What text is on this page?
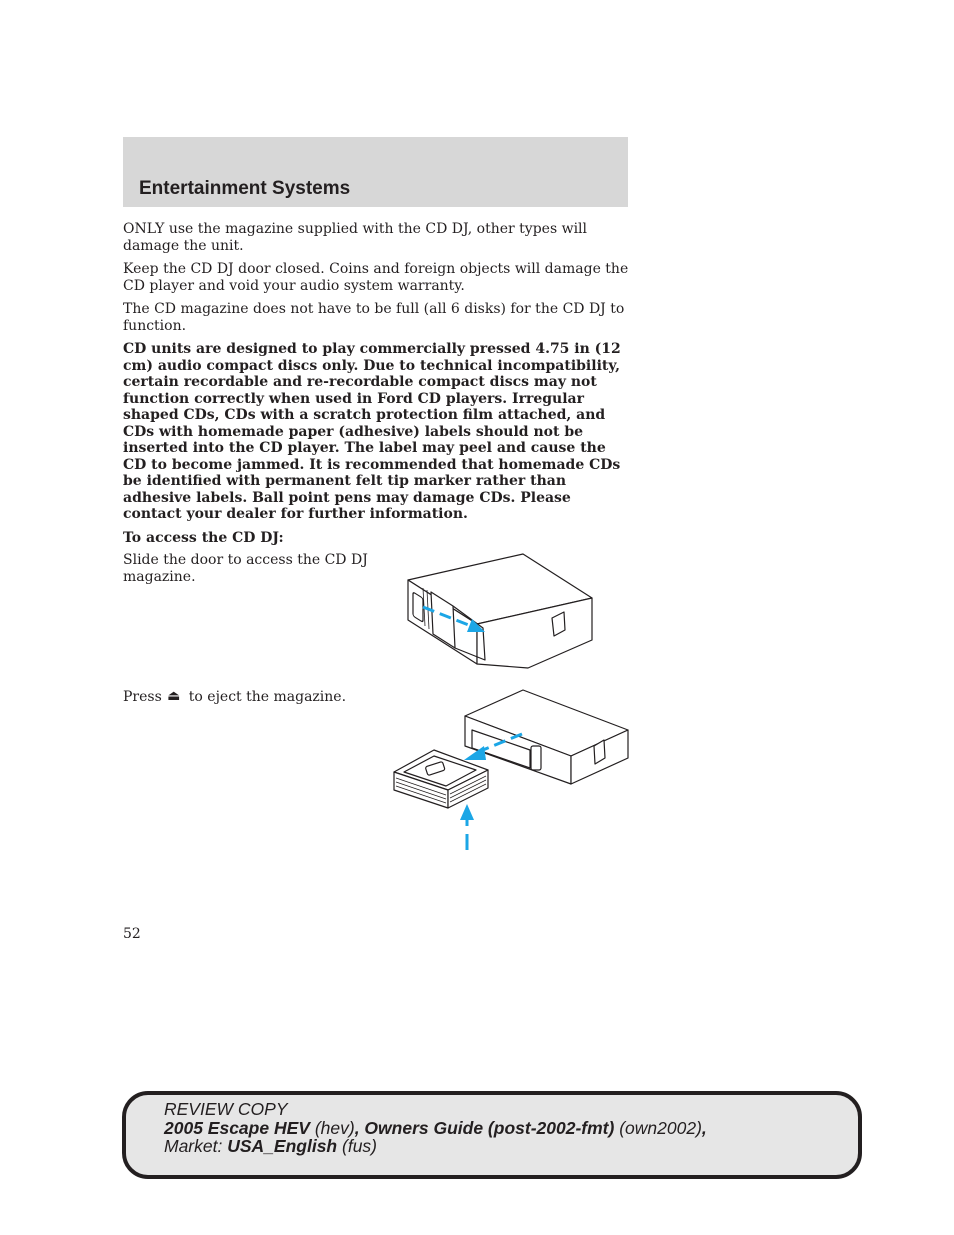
Entertainment Systems

ONLY use the magazine supplied with the CD DJ, other types will damage the unit.

Keep the CD DJ door closed. Coins and foreign objects will damage the CD player and void your audio system warranty.

The CD magazine does not have to be full (all 6 disks) for the CD DJ to function.

CD units are designed to play commercially pressed 4.75 in (12 cm) audio compact discs only. Due to technical incompatibility, certain recordable and re-recordable compact discs may not function correctly when used in Ford CD players. Irregular shaped CDs, CDs with a scratch protection film attached, and CDs with homemade paper (adhesive) labels should not be inserted into the CD player. The label may peel and cause the CD to become jammed. It is recommended that homemade CDs be identified with permanent felt tip marker rather than adhesive labels. Ball point pens may damage CDs. Please contact your dealer for further information.

To access the CD DJ:

Slide the door to access the CD DJ magazine.
Press ⏏ to eject the magazine.
52
REVIEW COPY
2005 Escape HEV (hev), Owners Guide (post-2002-fmt) (own2002),
Market: USA_English (fus)
